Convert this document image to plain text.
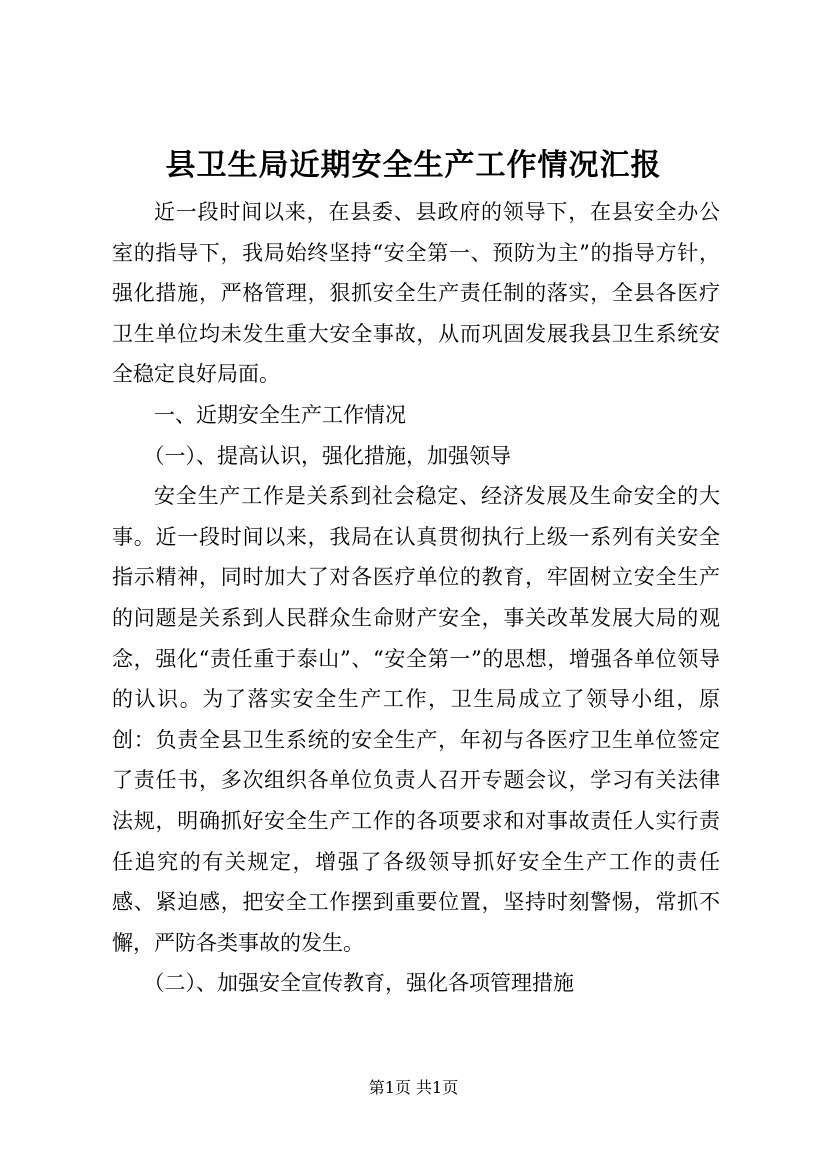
县卫生局近期安全生产工作情况汇报

近一段时间以来，在县委、县政府的领导下，在县安全办公室的指导下，我局始终坚持“安全第一、预防为主”的指导方针，强化措施，严格管理，狠抓安全生产责任制的落实，全县各医疗卫生单位均未发生重大安全事故，从而巩固发展我县卫生系统安全稳定良好局面。

一、近期安全生产工作情况

（一）、提高认识，强化措施，加强领导

安全生产工作是关系到社会稳定、经济发展及生命安全的大事。近一段时间以来，我局在认真贯彻执行上级一系列有关安全指示精神，同时加大了对各医疗单位的教育，牢固树立安全生产的问题是关系到人民群众生命财产安全，事关改革发展大局的观念，强化“责任重于泰山”、“安全第一”的思想，增强各单位领导的认识。为了落实安全生产工作，卫生局成立了领导小组，原创：负责全县卫生系统的安全生产，年初与各医疗卫生单位签定了责任书，多次组织各单位负责人召开专题会议，学习有关法律法规，明确抓好安全生产工作的各项要求和对事故责任人实行责任追究的有关规定，增强了各级领导抓好安全生产工作的责任感、紧迫感，把安全工作摆到重要位置，坚持时刻警惕，常抓不懈，严防各类事故的发生。

（二）、加强安全宣传教育，强化各项管理措施

第1页 共1页
